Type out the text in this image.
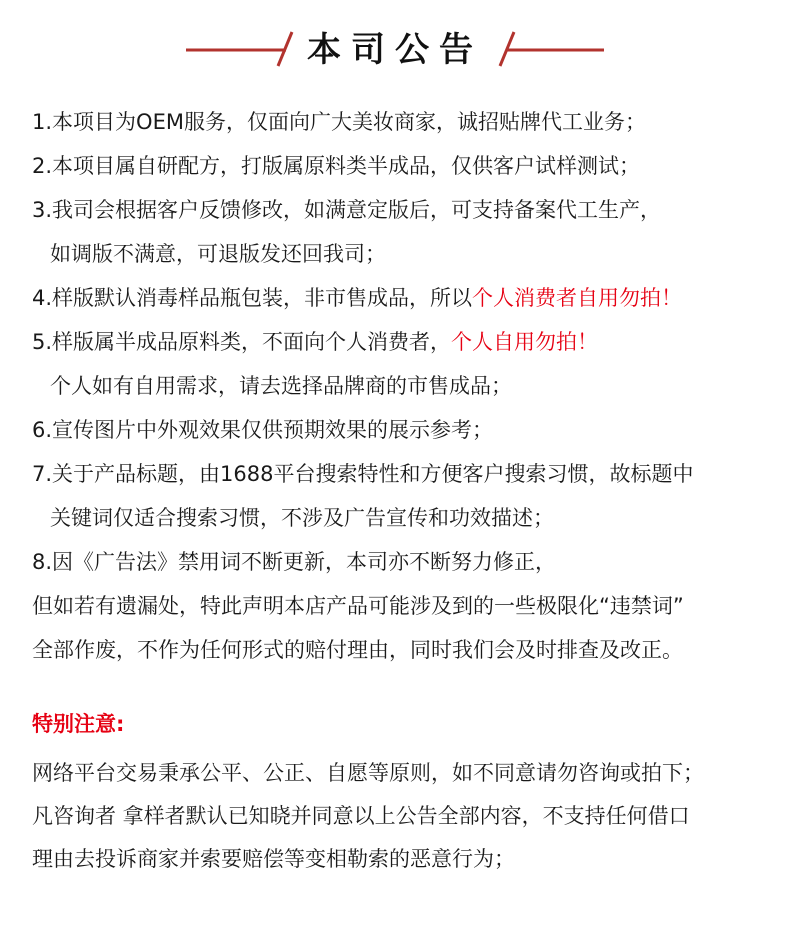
本司公告
1.本项目为OEM服务，仅面向广大美妆商家，诚招贴牌代工业务；
2.本项目属自研配方，打版属原料类半成品，仅供客户试样测试；
3.我司会根据客户反馈修改，如满意定版后，可支持备案代工生产，
如调版不满意，可退版发还回我司；
4.样版默认消毒样品瓶包装，非市售成品，所以个人消费者自用勿拍！
5.样版属半成品原料类，不面向个人消费者，个人自用勿拍！
个人如有自用需求，请去选择品牌商的市售成品；
6.宣传图片中外观效果仅供预期效果的展示参考；
7.关于产品标题，由1688平台搜索特性和方便客户搜索习惯，故标题中
关键词仅适合搜索习惯，不涉及广告宣传和功效描述；
8.因《广告法》禁用词不断更新，本司亦不断努力修正，
但如若有遗漏处，特此声明本店产品可能涉及到的一些极限化“违禁词”
全部作废，不作为任何形式的赔付理由，同时我们会及时排查及改正。
特别注意:
网络平台交易秉承公平、公正、自愿等原则，如不同意请勿咨询或拍下；
凡咨询者 拿样者默认已知晓并同意以上公告全部内容，不支持任何借口
理由去投诉商家并索要赔偿等变相勒索的恶意行为；
